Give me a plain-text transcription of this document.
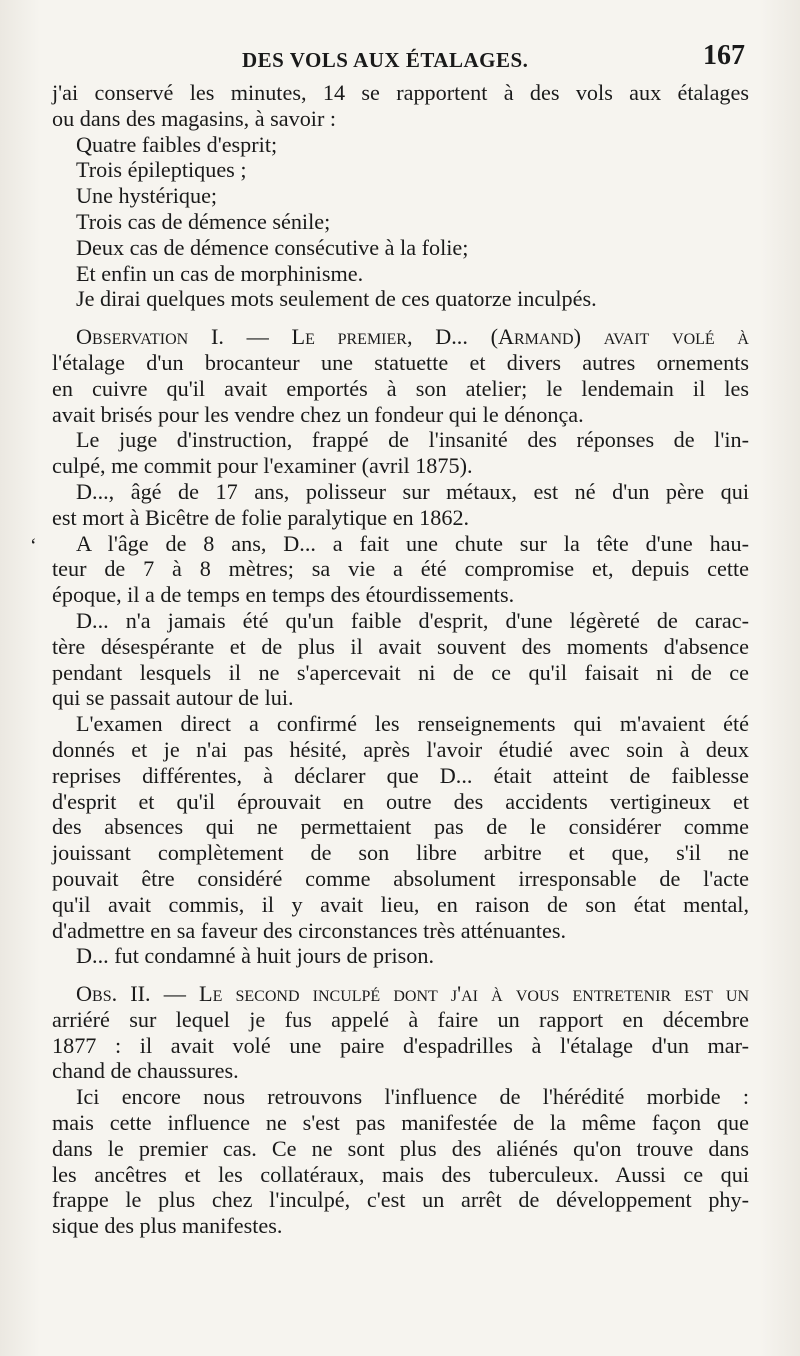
DES VOLS AUX ÉTALAGES.	167
‘
j'ai conservé les minutes, 14 se rapportent à des vols aux étalages
ou dans des magasins, à savoir :
Quatre faibles d'esprit;
Trois épileptiques ;
Une hystérique;
Trois cas de démence sénile;
Deux cas de démence consécutive à la folie;
Et enfin un cas de morphinisme.
Je dirai quelques mots seulement de ces quatorze inculpés.
Observation I. — Le premier, D... (Armand) avait volé à
l'étalage d'un brocanteur une statuette et divers autres ornements
en cuivre qu'il avait emportés à son atelier; le lendemain il les
avait brisés pour les vendre chez un fondeur qui le dénonça.
Le juge d'instruction, frappé de l'insanité des réponses de l'in-
culpé, me commit pour l'examiner (avril 1875).
D..., âgé de 17 ans, polisseur sur métaux, est né d'un père qui
est mort à Bicêtre de folie paralytique en 1862.
A l'âge de 8 ans, D... a fait une chute sur la tête d'une hau-
teur de 7 à 8 mètres; sa vie a été compromise et, depuis cette
époque, il a de temps en temps des étourdissements.
D... n'a jamais été qu'un faible d'esprit, d'une légèreté de carac-
tère désespérante et de plus il avait souvent des moments d'absence
pendant lesquels il ne s'apercevait ni de ce qu'il faisait ni de ce
qui se passait autour de lui.
L'examen direct a confirmé les renseignements qui m'avaient été
donnés et je n'ai pas hésité, après l'avoir étudié avec soin à deux
reprises différentes, à déclarer que D... était atteint de faiblesse
d'esprit et qu'il éprouvait en outre des accidents vertigineux et
des absences qui ne permettaient pas de le considérer comme
jouissant complètement de son libre arbitre et que, s'il ne
pouvait être considéré comme absolument irresponsable de l'acte
qu'il avait commis, il y avait lieu, en raison de son état mental,
d'admettre en sa faveur des circonstances très atténuantes.
D... fut condamné à huit jours de prison.
Obs. II. — Le second inculpé dont j'ai à vous entretenir est un
arriéré sur lequel je fus appelé à faire un rapport en décembre
1877 : il avait volé une paire d'espadrilles à l'étalage d'un mar-
chand de chaussures.
Ici encore nous retrouvons l'influence de l'hérédité morbide :
mais cette influence ne s'est pas manifestée de la même façon que
dans le premier cas. Ce ne sont plus des aliénés qu'on trouve dans
les ancêtres et les collatéraux, mais des tuberculeux. Aussi ce qui
frappe le plus chez l'inculpé, c'est un arrêt de développement phy-
sique des plus manifestes.
